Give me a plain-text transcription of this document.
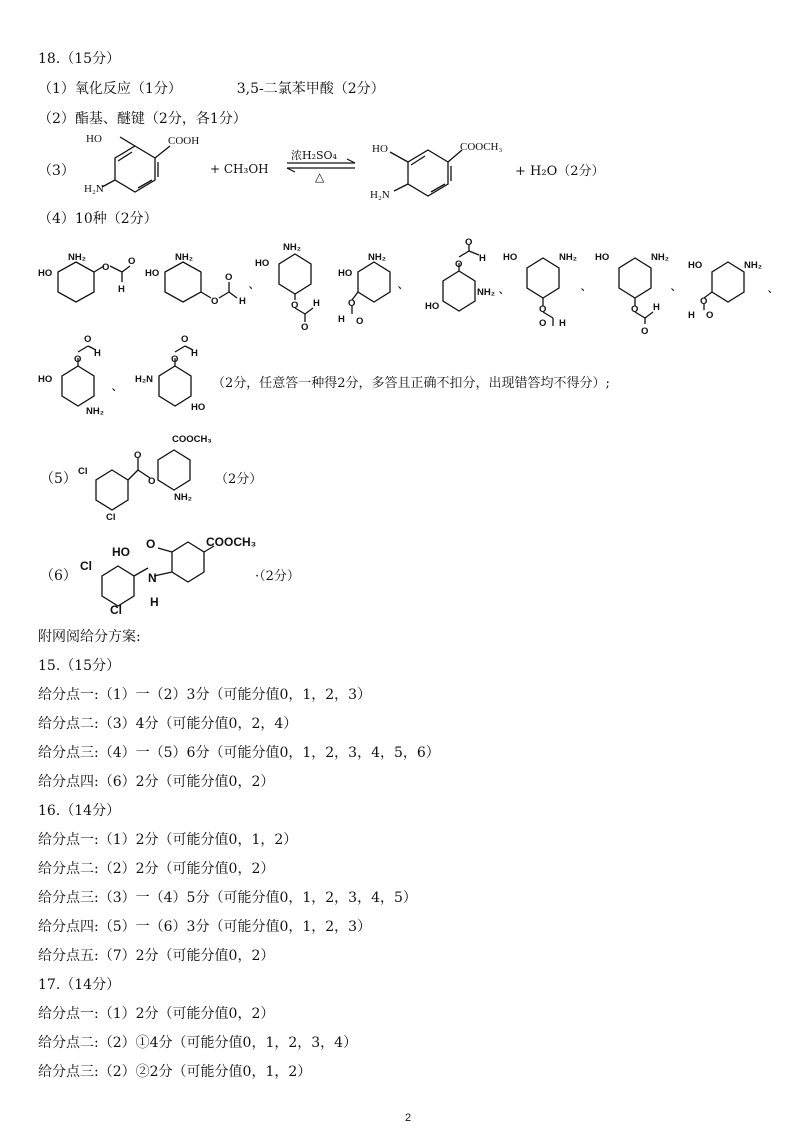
18.（15分）
（1）氧化反应（1分）	3,5-二氯苯甲酸（2分）
（2）酯基、醚键（2分，各1分）
（3）
HO	COOH
H₂N
+ CH₃OH
浓H₂SO₄
△
HO	COOCH₃
H₂N
+ H₂O（2分）
（4）10种（2分）
HO
NH₂
O
O
H
HO
NH₂
O
O
H
、
NH₂
HO
O H
O
NH₂
HO
O
H O
、
O
O
H
HO
NH₂ 、
HO	NH₂
O
O H
、
HO	NH₂
O H
O
、
HO	NH₂
O
H O
、
O
O
H
HO
NH₂
、
O
O
H
H₂N
HO
（2分，任意答一种得2分，多答且正确不扣分，出现错答均不得分）;
（5） Cl
Cl
O
O
COOCH₃
NH₂
（2分）
（6）
Cl
Cl
HO
O
N
H
COOCH₃
·（2分）
附网阅给分方案:
15.（15分）
给分点一:（1）一（2）3分（可能分值0，1，2，3）
给分点二:（3）4分（可能分值0，2，4）
给分点三:（4）一（5）6分（可能分值0，1，2，3，4，5，6）
给分点四:（6）2分（可能分值0，2）
16.（14分）
给分点一:（1）2分（可能分值0，1，2）
给分点二:（2）2分（可能分值0，2）
给分点三:（3）一（4）5分（可能分值0，1，2，3，4，5）
给分点四:（5）一（6）3分（可能分值0，1，2，3）
给分点五:（7）2分（可能分值0，2）
17.（14分）
给分点一:（1）2分（可能分值0，2）
给分点二:（2）①4分（可能分值0，1，2，3，4）
给分点三:（2）②2分（可能分值0，1，2）
2
